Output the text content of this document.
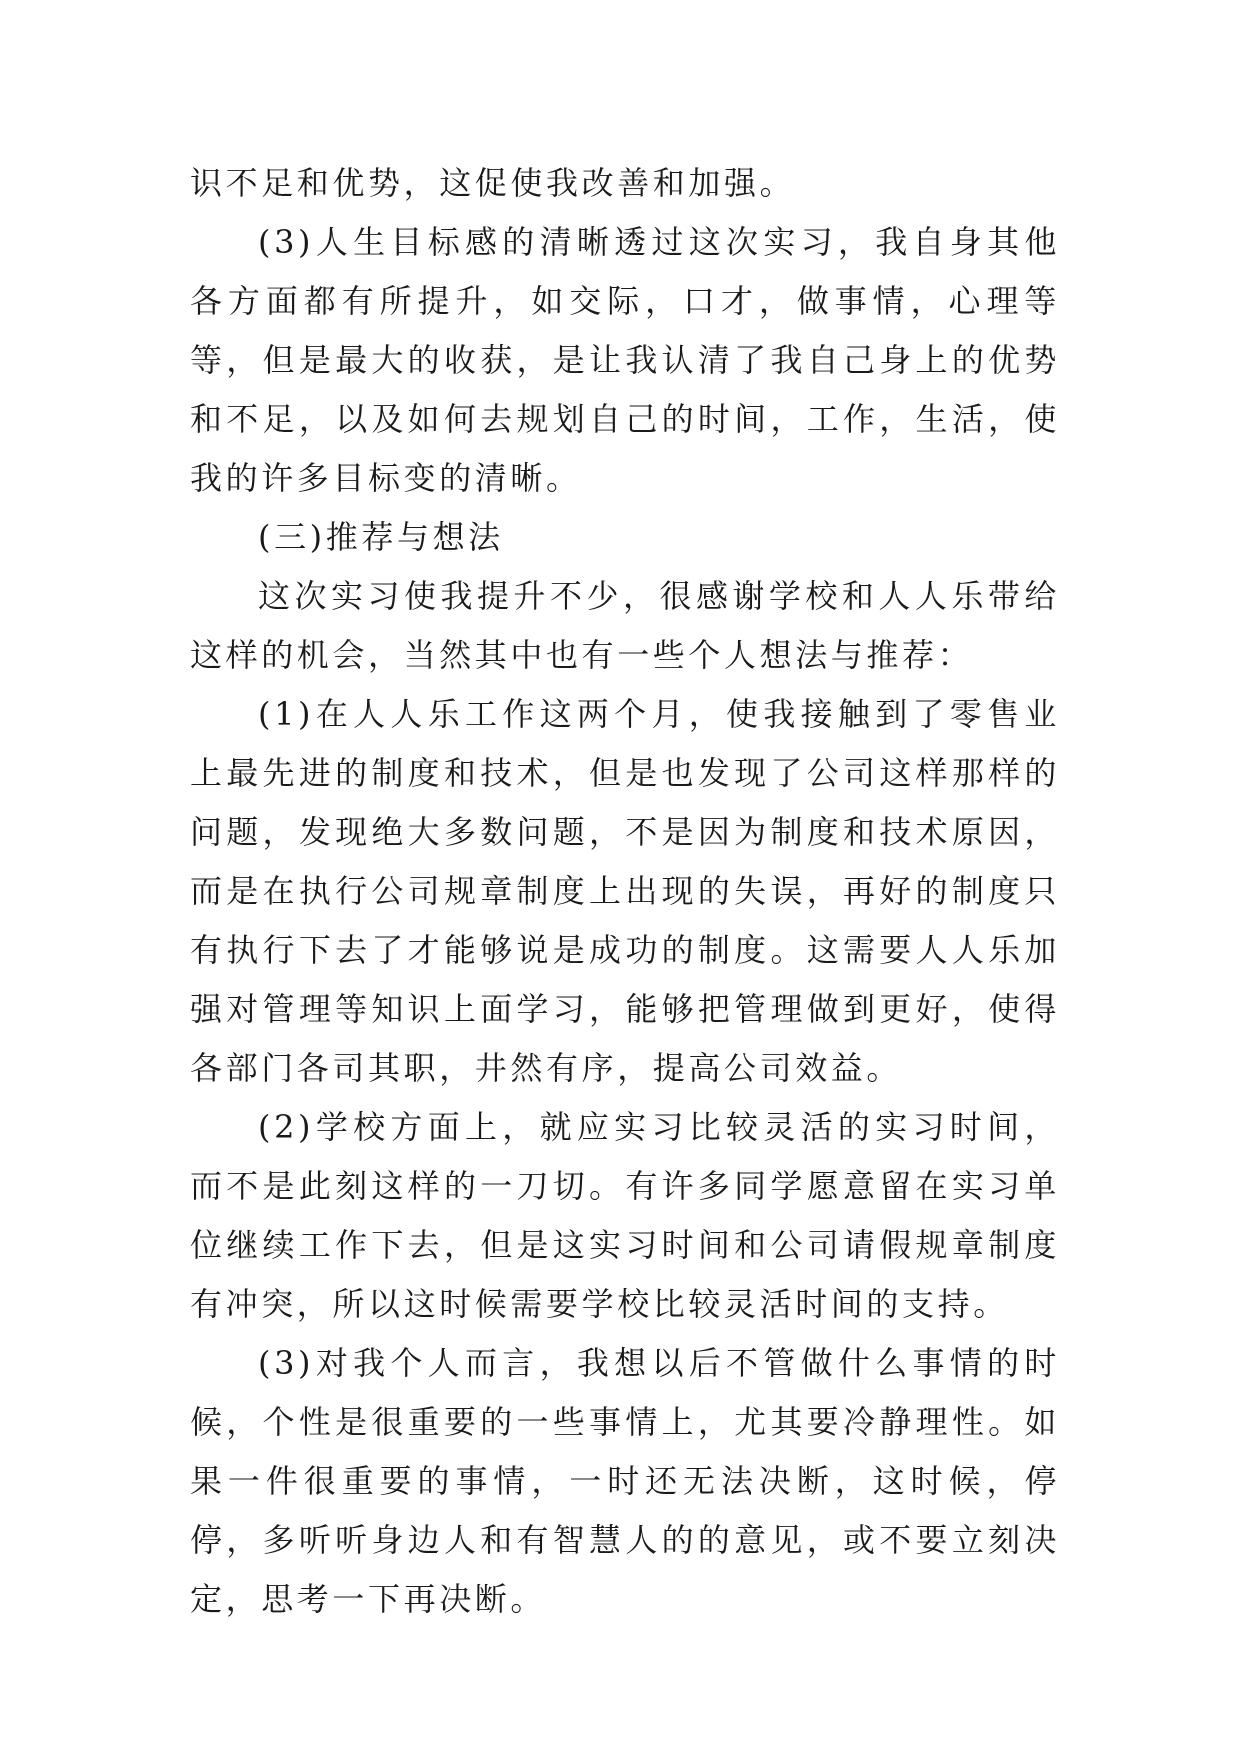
识不足和优势，这促使我改善和加强。

(3)人生目标感的清晰透过这次实习，我自身其他各方面都有所提升，如交际，口才，做事情，心理等等，但是最大的收获，是让我认清了我自己身上的优势和不足，以及如何去规划自己的时间，工作，生活，使我的许多目标变的清晰。

(三)推荐与想法

这次实习使我提升不少，很感谢学校和人人乐带给这样的机会，当然其中也有一些个人想法与推荐：

(1)在人人乐工作这两个月，使我接触到了零售业上最先进的制度和技术，但是也发现了公司这样那样的问题，发现绝大多数问题，不是因为制度和技术原因，而是在执行公司规章制度上出现的失误，再好的制度只有执行下去了才能够说是成功的制度。这需要人人乐加强对管理等知识上面学习，能够把管理做到更好，使得各部门各司其职，井然有序，提高公司效益。

(2)学校方面上，就应实习比较灵活的实习时间，而不是此刻这样的一刀切。有许多同学愿意留在实习单位继续工作下去，但是这实习时间和公司请假规章制度有冲突，所以这时候需要学校比较灵活时间的支持。

(3)对我个人而言，我想以后不管做什么事情的时候，个性是很重要的一些事情上，尤其要冷静理性。如果一件很重要的事情，一时还无法决断，这时候，停停，多听听身边人和有智慧人的的意见，或不要立刻决定，思考一下再决断。
